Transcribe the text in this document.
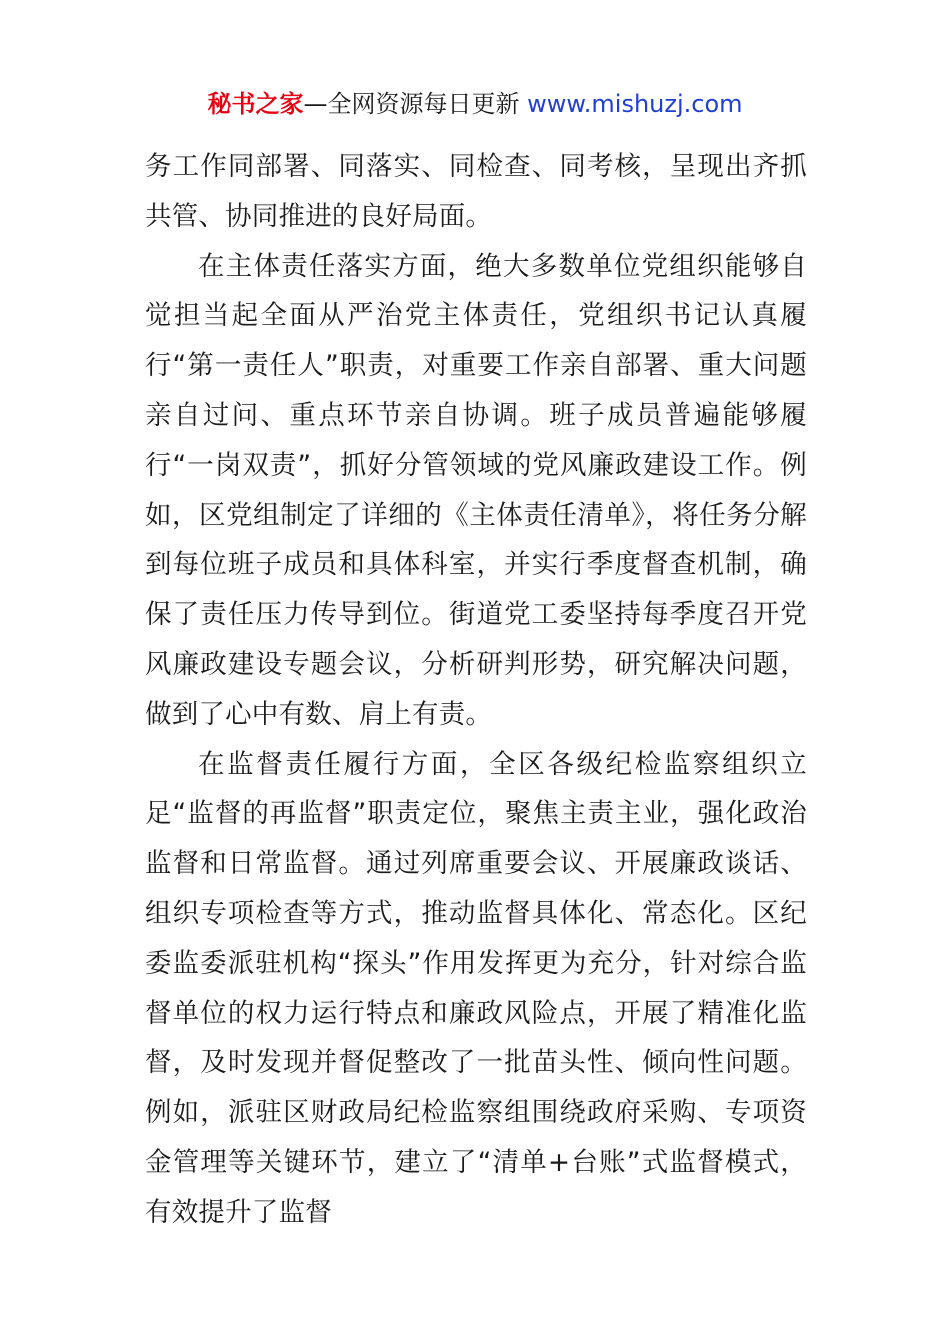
秘书之家—全网资源每日更新 www.mishuzj.com

务工作同部署、同落实、同检查、同考核，呈现出齐抓共管、协同推进的良好局面。

在主体责任落实方面，绝大多数单位党组织能够自觉担当起全面从严治党主体责任，党组织书记认真履行“第一责任人”职责，对重要工作亲自部署、重大问题亲自过问、重点环节亲自协调。班子成员普遍能够履行“一岗双责”，抓好分管领域的党风廉政建设工作。例如，区党组制定了详细的《主体责任清单》，将任务分解到每位班子成员和具体科室，并实行季度督查机制，确保了责任压力传导到位。街道党工委坚持每季度召开党风廉政建设专题会议，分析研判形势，研究解决问题，做到了心中有数、肩上有责。

在监督责任履行方面，全区各级纪检监察组织立足“监督的再监督”职责定位，聚焦主责主业，强化政治监督和日常监督。通过列席重要会议、开展廉政谈话、组织专项检查等方式，推动监督具体化、常态化。区纪委监委派驻机构“探头”作用发挥更为充分，针对综合监督单位的权力运行特点和廉政风险点，开展了精准化监督，及时发现并督促整改了一批苗头性、倾向性问题。例如，派驻区财政局纪检监察组围绕政府采购、专项资金管理等关键环节，建立了“清单+台账”式监督模式，有效提升了监督
